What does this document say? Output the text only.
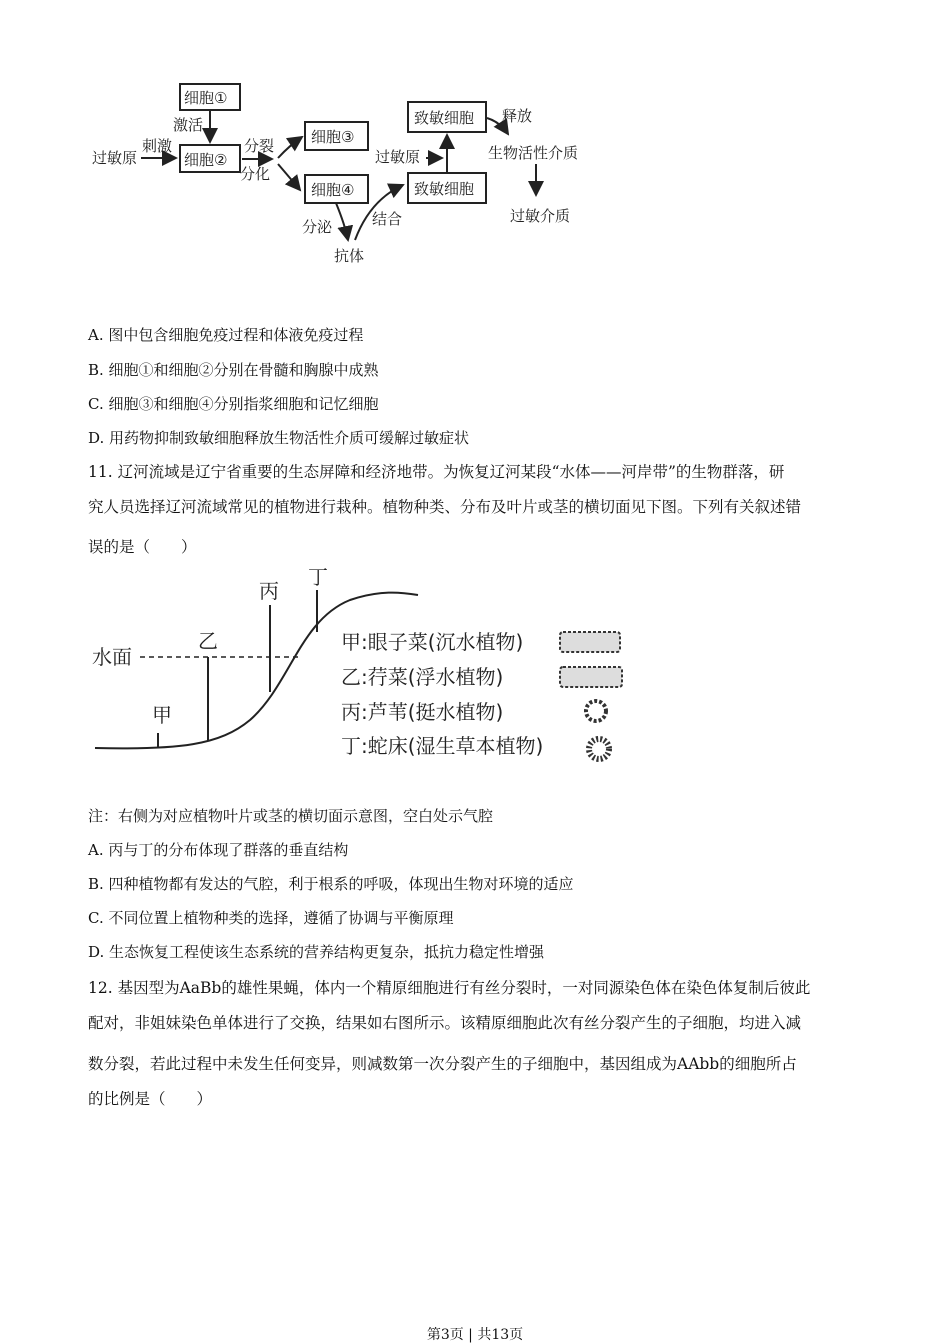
过敏原
刺激
细胞①
激活
细胞②
分裂
分化
细胞③
细胞④
分泌
抗体
结合
过敏原
致敏细胞
致敏细胞
释放
生物活性介质
过敏介质
A. 图中包含细胞免疫过程和体液免疫过程
B. 细胞①和细胞②分别在骨髓和胸腺中成熟
C. 细胞③和细胞④分别指浆细胞和记忆细胞
D. 用药物抑制致敏细胞释放生物活性介质可缓解过敏症状
11. 辽河流域是辽宁省重要的生态屏障和经济地带。为恢复辽河某段“水体——河岸带”的生物群落，研
究人员选择辽河流域常见的植物进行栽种。植物种类、分布及叶片或茎的横切面见下图。下列有关叙述错
误的是（　　）
水面
甲
乙
丙
丁
甲:眼子菜(沉水植物)
乙:荇菜(浮水植物)
丙:芦苇(挺水植物)
丁:蛇床(湿生草本植物)
注：右侧为对应植物叶片或茎的横切面示意图，空白处示气腔
A. 丙与丁的分布体现了群落的垂直结构
B. 四种植物都有发达的气腔，利于根系的呼吸，体现出生物对环境的适应
C. 不同位置上植物种类的选择，遵循了协调与平衡原理
D. 生态恢复工程使该生态系统的营养结构更复杂，抵抗力稳定性增强
12. 基因型为AaBb的雄性果蝇，体内一个精原细胞进行有丝分裂时，一对同源染色体在染色体复制后彼此
配对，非姐妹染色单体进行了交换，结果如右图所示。该精原细胞此次有丝分裂产生的子细胞，均进入减
数分裂，若此过程中未发生任何变异，则减数第一次分裂产生的子细胞中，基因组成为AAbb的细胞所占
的比例是（　　）
第3页 | 共13页
